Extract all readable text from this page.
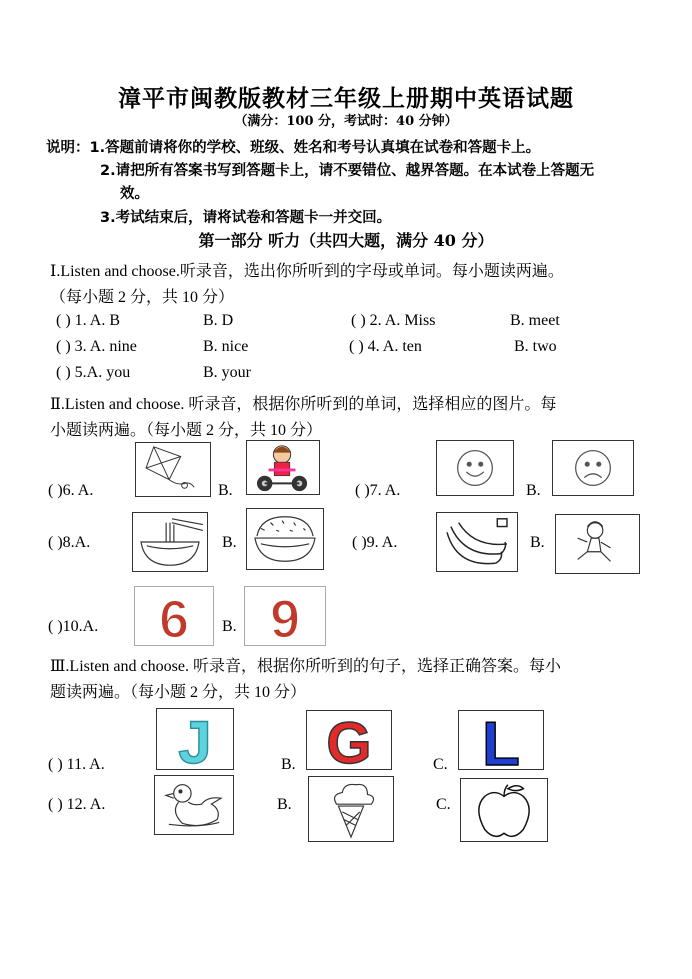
漳平市闽教版教材三年级上册期中英语试题
（满分：100 分，考试时：40 分钟）
说明：1.答题前请将你的学校、班级、姓名和考号认真填在试卷和答题卡上。
2.请把所有答案书写到答题卡上，请不要错位、越界答题。在本试卷上答题无
效。
3.考试结束后，请将试卷和答题卡一并交回。
第一部分 听力（共四大题，满分 40 分）
Ⅰ.Listen and choose.听录音，选出你所听到的字母或单词。每小题读两遍。
（每小题 2 分，共 10 分）
( ) 1. A. B	B. D	( ) 2. A. Miss	B. meet
( ) 3. A. nine	B. nice	( ) 4. A. ten	B. two
( ) 5.A. you	B. your
Ⅱ.Listen and choose. 听录音，根据你所听到的单词，选择相应的图片。每
小题读两遍。（每小题 2 分，共 10 分）
( )6. A.	B.	( )7. A.	B.
( )8.A.	B.	( )9. A.	B.
( )10.A. 6 B. 9
Ⅲ.Listen and choose. 听录音，根据你所听到的句子，选择正确答案。每小
题读两遍。（每小题 2 分，共 10 分）
( ) 11. A. J	B. G	C. L
( ) 12. A.	B.	C.
